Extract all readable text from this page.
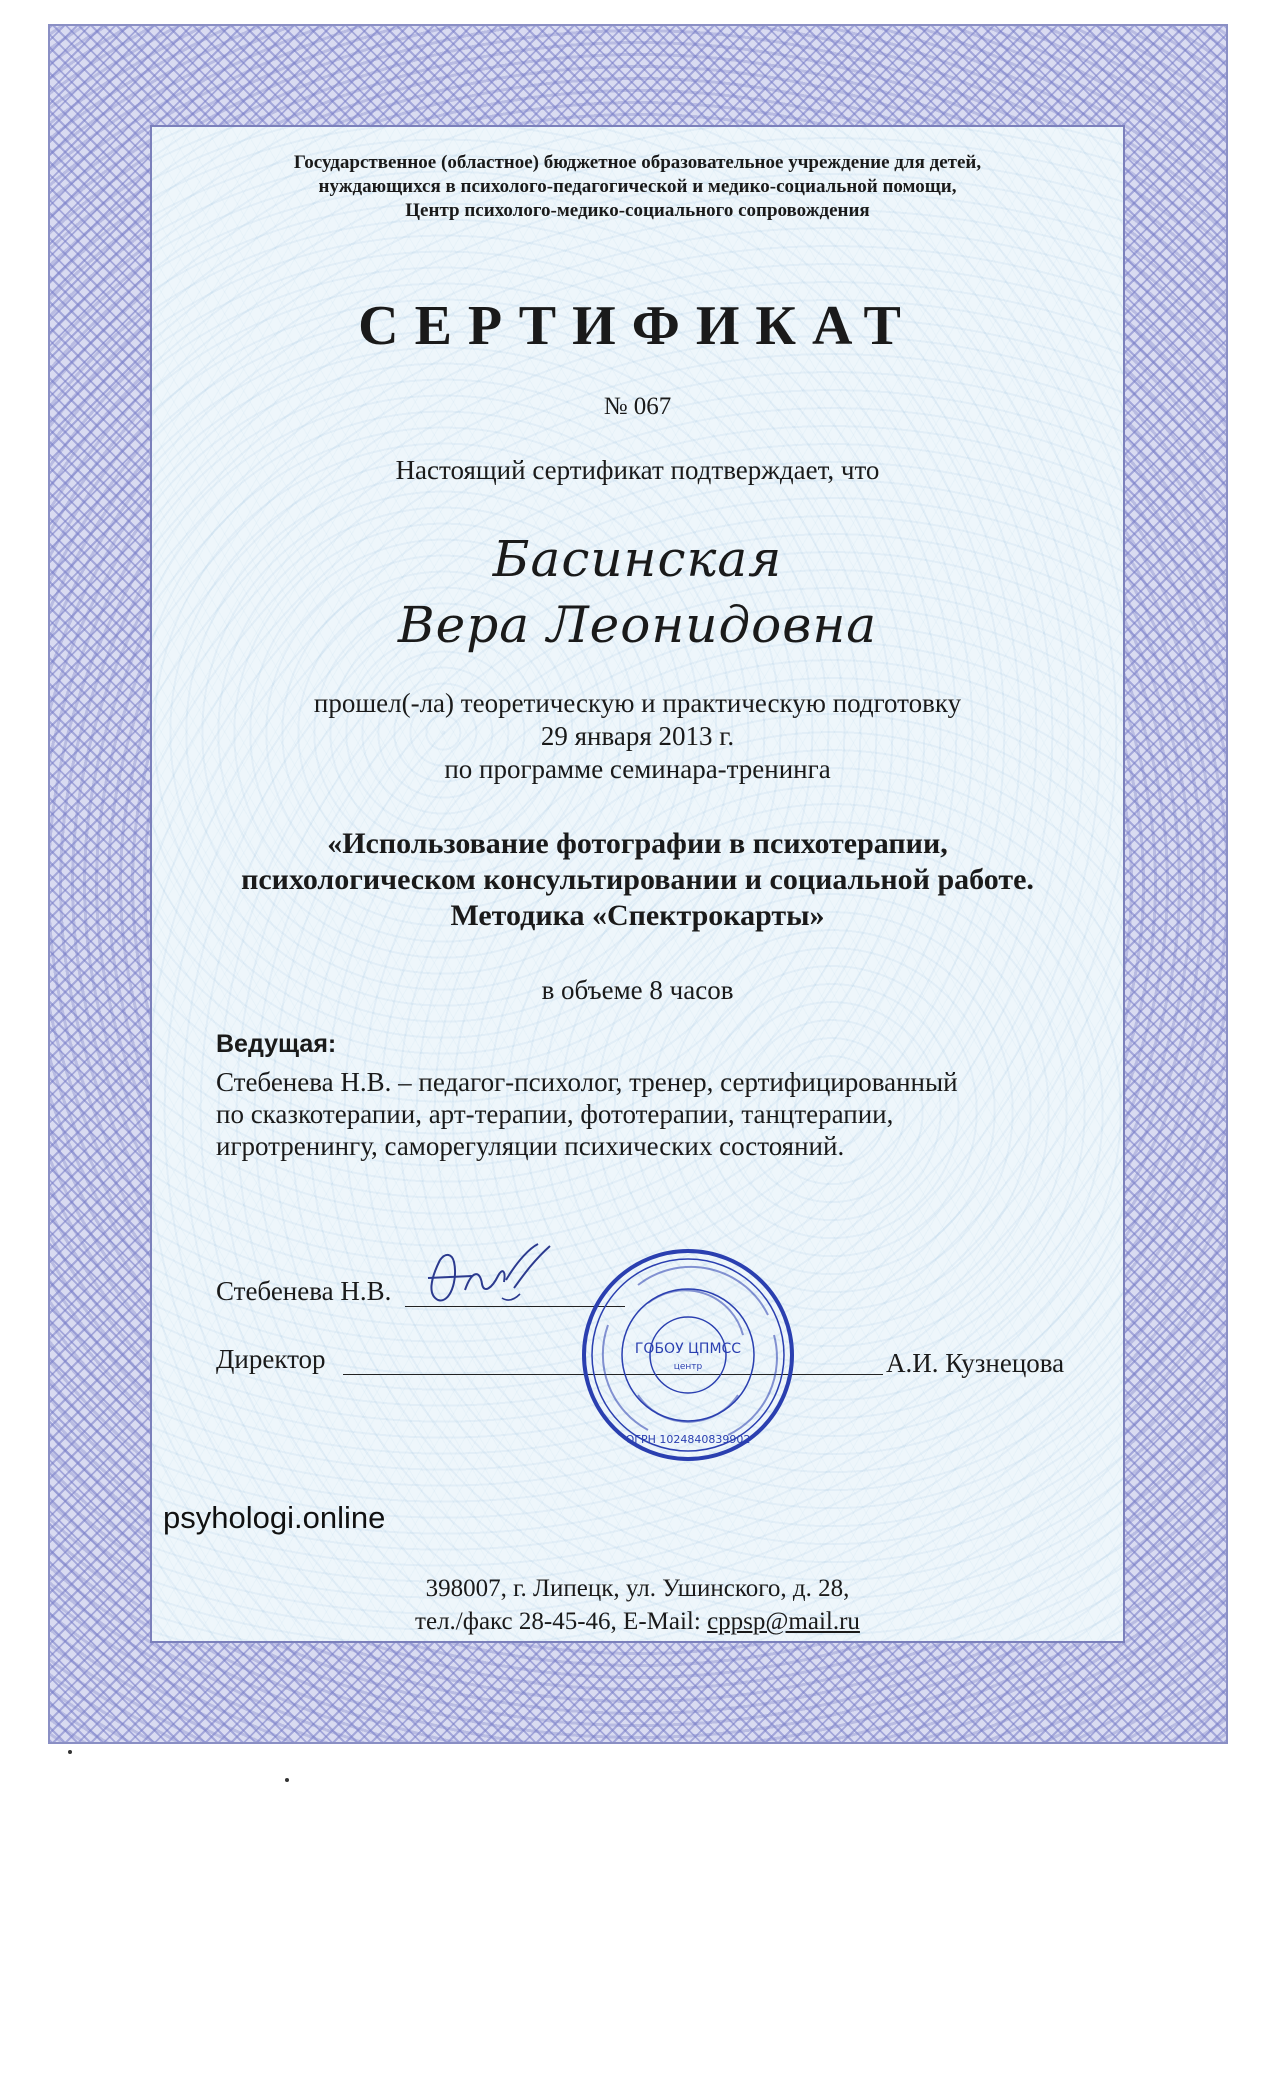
Государственное (областное) бюджетное образовательное учреждение для детей,
нуждающихся в психолого-педагогической и медико-социальной помощи,
Центр психолого-медико-социального сопровождения
СЕРТИФИКАТ
№ 067
Настоящий сертификат подтверждает, что
Басинская
Вера Леонидовна
прошел(-ла) теоретическую и практическую подготовку
29 января 2013 г.
по программе семинара-тренинга
«Использование фотографии в психотерапии,
психологическом консультировании и социальной работе.
Методика «Спектрокарты»
в объеме 8 часов
Ведущая:
Стебенева Н.В. – педагог-психолог, тренер, сертифицированный
по сказкотерапии, арт-терапии, фототерапии, танцтерапии,
игротренингу, саморегуляции психических состояний.
Стебенева Н.В.
Директор	А.И. Кузнецова
ГОБОУ ЦПМСС
центр
ОГРН 1024840839902
psyhologi.online
398007, г. Липецк, ул. Ушинского, д. 28,
тел./факс 28-45-46, E-Mail: cppsp@mail.ru
